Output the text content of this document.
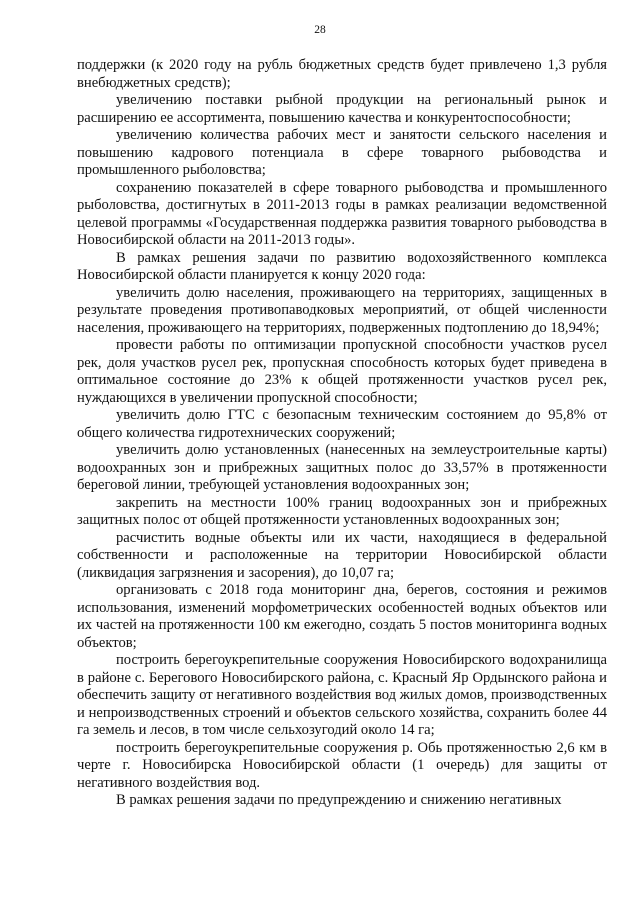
28

поддержки (к 2020 году на рубль бюджетных средств будет привлечено 1,3 рубля внебюджетных средств);

увеличению поставки рыбной продукции на региональный рынок и расширению ее ассортимента, повышению качества и конкурентоспособности;

увеличению количества рабочих мест и занятости сельского населения и повышению кадрового потенциала в сфере товарного рыбоводства и промышленного рыболовства;

сохранению показателей в сфере товарного рыбоводства и промышленного рыболовства, достигнутых в 2011-2013 годы в рамках реализации ведомственной целевой программы «Государственная поддержка развития товарного рыбоводства в Новосибирской области на 2011-2013 годы».

В рамках решения задачи по развитию водохозяйственного комплекса Новосибирской области планируется к концу 2020 года:

увеличить долю населения, проживающего на территориях, защищенных в результате проведения противопаводковых мероприятий, от общей численности населения, проживающего на территориях, подверженных подтоплению до 18,94%;

провести работы по оптимизации пропускной способности участков русел рек, доля участков русел рек, пропускная способность которых будет приведена в оптимальное состояние до 23% к общей протяженности участков русел рек, нуждающихся в увеличении пропускной способности;

увеличить долю ГТС с безопасным техническим состоянием до 95,8% от общего количества гидротехнических сооружений;

увеличить долю установленных (нанесенных на землеустроительные карты) водоохранных зон и прибрежных защитных полос до 33,57% в протяженности береговой линии, требующей установления водоохранных зон;

закрепить на местности 100% границ водоохранных зон и прибрежных защитных полос от общей протяженности установленных водоохранных зон;

расчистить водные объекты или их части, находящиеся в федеральной собственности и расположенные на территории Новосибирской области (ликвидация загрязнения и засорения), до 10,07 га;

организовать с 2018 года мониторинг дна, берегов, состояния и режимов использования, изменений морфометрических особенностей водных объектов или их частей на протяженности 100 км ежегодно, создать 5 постов мониторинга водных объектов;

построить берегоукрепительные сооружения Новосибирского водохранилища в районе с. Берегового Новосибирского района, с. Красный Яр Ордынского района и обеспечить защиту от негативного воздействия вод жилых домов, производственных и непроизводственных строений и объектов сельского хозяйства, сохранить более 44 га земель и лесов, в том числе сельхозугодий около 14 га;

построить берегоукрепительные сооружения р. Обь протяженностью 2,6 км в черте г. Новосибирска Новосибирской области (1 очередь) для защиты от негативного воздействия вод.

В рамках решения задачи по предупреждению и снижению негативных
